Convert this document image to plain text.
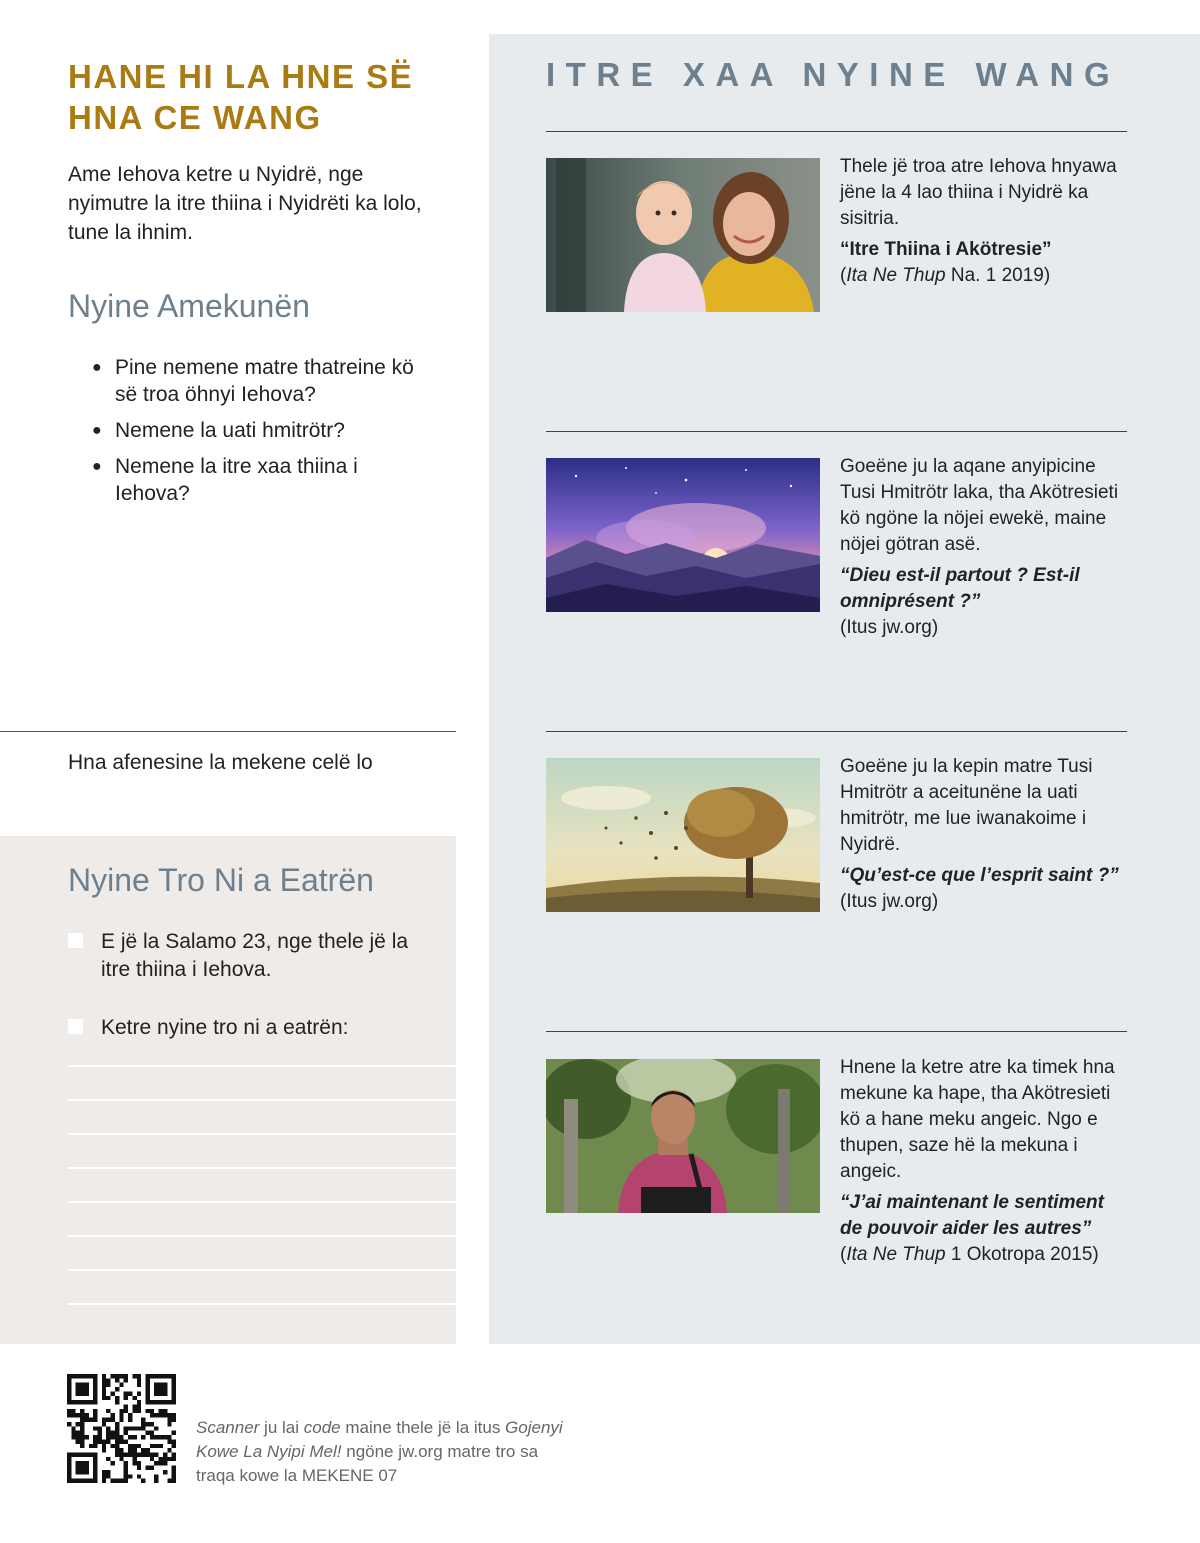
HANE HI LA HNE SË
HNA CE WANG
Ame Iehova ketre u Nyidrë, nge nyimutre la itre thiina i Nyidrëti ka lolo, tune la ihnim.
Nyine Amekunën
● Pine nemene matre thatreine kö së troa öhnyi Iehova?
● Nemene la uati hmitrötr?
● Nemene la itre xaa thiina i Iehova?
Hna afenesine la mekene celë lo
Nyine Tro Ni a Eatrën
E jë la Salamo 23, nge thele jë la itre thiina i Iehova.
Ketre nyine tro ni a eatrën:
ITRE XAA NYINE WANG

Thele jë troa atre Iehova hnyawa jëne la 4 lao thiina i Nyidrë ka sisitria.

“Itre Thiina i Akötresie”

(Ita Ne Thup Na. 1 2019)

Goeëne ju la aqane anyipicine Tusi Hmitrötr laka, tha Akötresieti kö ngöne la nöjei ewekë, maine nöjei götran asë.

“Dieu est-il partout ? Est-il omniprésent ?”

(Itus jw.org)

Goeëne ju la kepin matre Tusi Hmitrötr a aceitunëne la uati hmitrötr, me lue iwanakoime i Nyidrë.

“Qu’est-ce que l’esprit saint ?”

(Itus jw.org)

Hnene la ketre atre ka timek hna mekune ka hape, tha Akötresieti kö a hane meku angeic. Ngo e thupen, saze hë la mekuna i angeic.

“J’ai maintenant le sentiment de pouvoir aider les autres”

(Ita Ne Thup 1 Okotropa 2015)

Scanner ju lai code maine thele jë la itus Gojenyi Kowe La Nyipi Mel! ngöne jw.org matre tro sa traqa kowe la MEKENE 07
